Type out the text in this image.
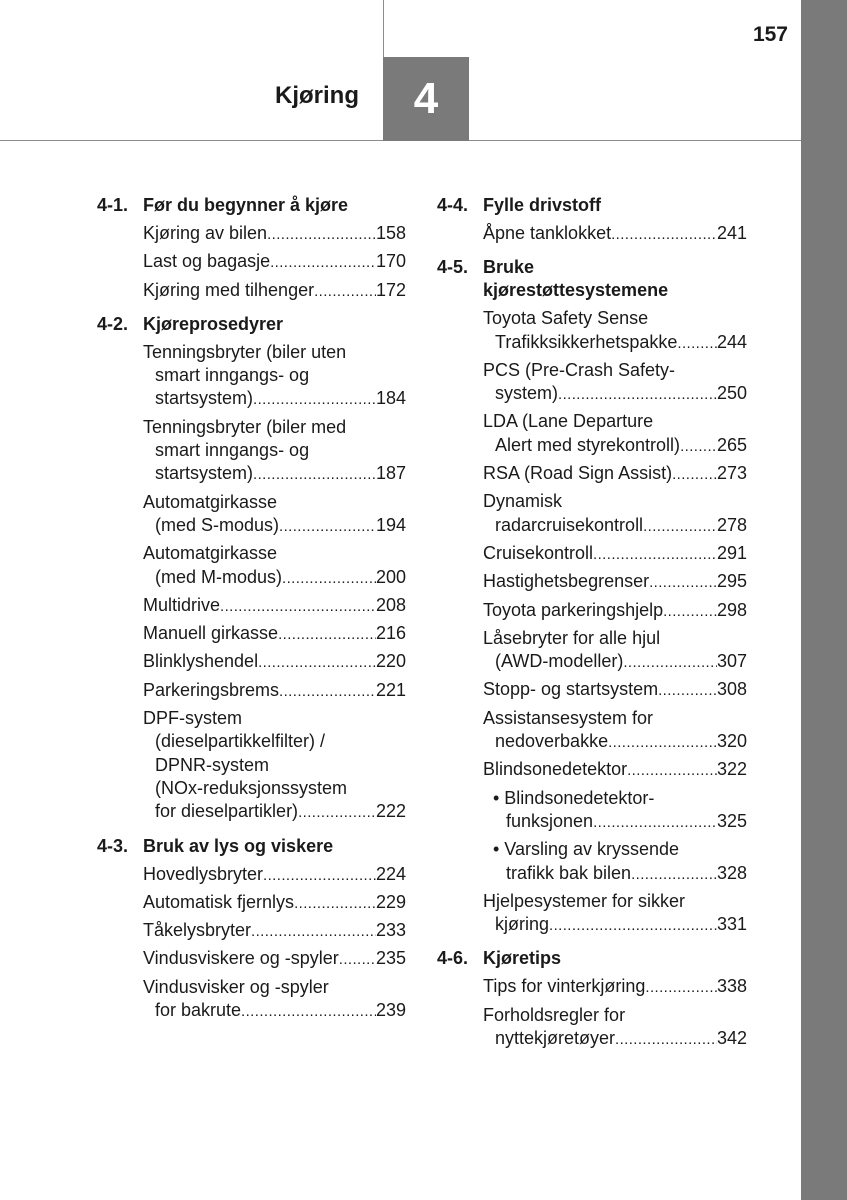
157
Kjøring	4
4-1. Før du begynner å kjøre
Kjøring av bilen .....	158
Last og bagasje .....	170
Kjøring med tilhenger .....	172
4-2. Kjøreprosedyrer
Tenningsbryter (biler uten
smart inngangs- og
startsystem) .....	184
Tenningsbryter (biler med
smart inngangs- og
startsystem) .....	187
Automatgirkasse
(med S-modus) .....	194
Automatgirkasse
(med M-modus) .....	200
Multidrive .....	208
Manuell girkasse .....	216
Blinklyshendel .....	220
Parkeringsbrems .....	221
DPF-system
(dieselpartikkelfilter) /
DPNR-system
(NOx-reduksjonssystem
for dieselpartikler) .....	222
4-3. Bruk av lys og viskere
Hovedlysbryter .....	224
Automatisk fjernlys .....	229
Tåkelysbryter .....	233
Vindusviskere og -spyler ..... 235
Vindusvisker og -spyler
for bakrute .....	239
4-4. Fylle drivstoff
Åpne tanklokket .....	241
4-5. Bruke
kjørestøttesystemene
Toyota Safety Sense
Trafikksikkerhetspakke ..... 244
PCS (Pre-Crash Safety-
system) .....	250
LDA (Lane Departure
Alert med styrekontroll) ..... 265
RSA (Road Sign Assist) ..... 273
Dynamisk
radarcruisekontroll .....	278
Cruisekontroll .....	291
Hastighetsbegrenser .....	295
Toyota parkeringshjelp .....	298
Låsebryter for alle hjul
(AWD-modeller) .....	307
Stopp- og startsystem .....	308
Assistansesystem for
nedoverbakke .....	320
Blindsonedetektor .....	322
• Blindsonedetektor-
funksjonen .....	325
• Varsling av kryssende
trafikk bak bilen .....	328
Hjelpesystemer for sikker
kjøring .....	331
4-6. Kjøretips
Tips for vinterkjøring .....	338
Forholdsregler for
nyttekjøretøyer .....	342
